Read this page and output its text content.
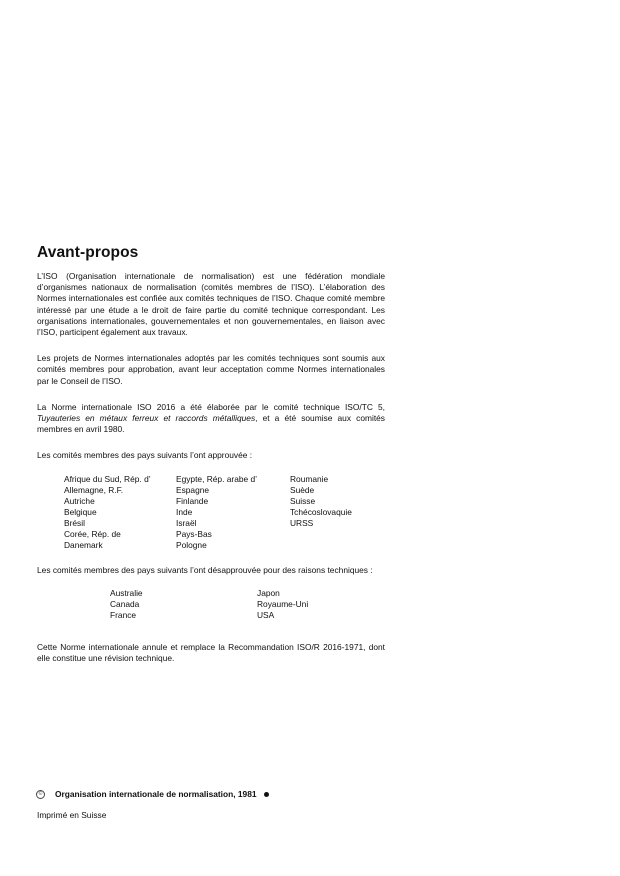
Avant-propos

L’ISO (Organisation internationale de normalisation) est une fédération mondiale d’organismes nationaux de normalisation (comités membres de l’ISO). L’élaboration des Normes internationales est confiée aux comités techniques de l’ISO. Chaque comité membre intéressé par une étude a le droit de faire partie du comité technique correspondant. Les organisations internationales, gouvernementales et non gouvernementales, en liaison avec l’ISO, participent également aux travaux.

Les projets de Normes internationales adoptés par les comités techniques sont soumis aux comités membres pour approbation, avant leur acceptation comme Normes internationales par le Conseil de l’ISO.

La Norme internationale ISO 2016 a été élaborée par le comité technique ISO/TC 5, Tuyauteries en métaux ferreux et raccords métalliques, et a été soumise aux comités membres en avril 1980.

Les comités membres des pays suivants l’ont approuvée :

Afrique du Sud, Rép. d’
Allemagne, R.F.
Autriche
Belgique
Brésil
Corée, Rép. de
Danemark
Egypte, Rép. arabe d’
Espagne
Finlande
Inde
Israël
Pays-Bas
Pologne
Roumanie
Suède
Suisse
Tchécoslovaquie
URSS

Les comités membres des pays suivants l’ont désapprouvée pour des raisons techniques :

Australie
Canada
France
Japon
Royaume-Uni
USA

Cette Norme internationale annule et remplace la Recommandation ISO/R 2016-1971, dont elle constitue une révision technique.

©	Organisation internationale de normalisation, 1981
Imprimé en Suisse
